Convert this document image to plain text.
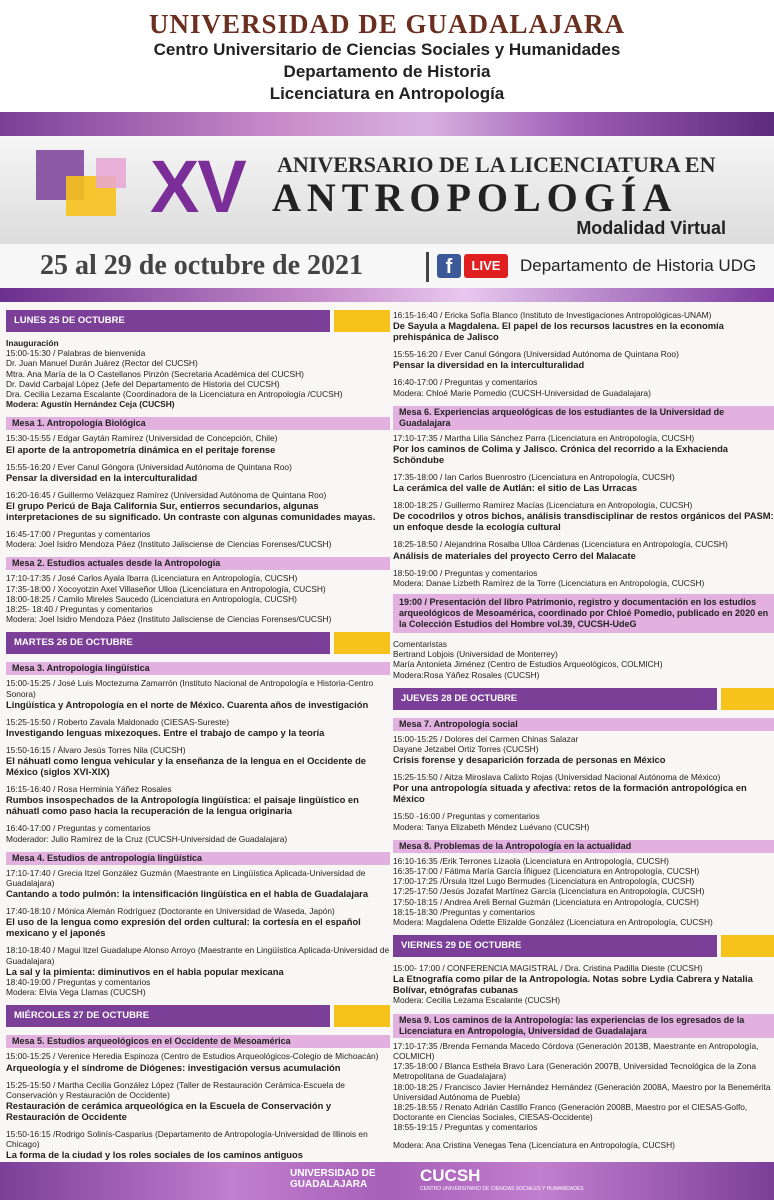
UNIVERSIDAD DE GUADALAJARA
Centro Universitario de Ciencias Sociales y Humanidades
Departamento de Historia
Licenciatura en Antropología
XV ANIVERSARIO DE LA LICENCIATURA EN
ANTROPOLOGÍA
Modalidad Virtual
25 al 29 de octubre de 2021	f	LIVE	Departamento de Historia UDG
LUNES 25 DE OCTUBRE
Inauguración
15:00-15:30 / Palabras de bienvenida
Dr. Juan Manuel Durán Juárez (Rector del CUCSH)
Mtra. Ana María de la O Castellanos Pinzón (Secretaria Académica del CUCSH)
Dr. David Carbajal López (Jefe del Departamento de Historia del CUCSH)
Dra. Cecilia Lezama Escalante (Coordinadora de la Licenciatura en Antropología /CUCSH)
Modera: Agustín Hernández Ceja (CUCSH)
Mesa 1. Antropología Biológica
15:30-15:55 / Edgar Gaytán Ramírez (Universidad de Concepción, Chile)
El aporte de la antropometría dinámica en el peritaje forense
15:55-16:20 / Ever Canul Góngora (Universidad Autónoma de Quintana Roo)
Pensar la diversidad en la interculturalidad
16:20-16:45 / Guillermo Velázquez Ramírez (Universidad Autónoma de Quintana Roo)
El grupo Pericú de Baja California Sur, entierros secundarios, algunas interpretaciones de su significado. Un contraste con algunas comunidades mayas.
16:45-17:00 / Preguntas y comentarios
Modera: Joel Isidro Mendoza Páez (Instituto Jalisciense de Ciencias Forenses/CUCSH)
Mesa 2. Estudios actuales desde la Antropología
17:10-17:35 / José Carlos Ayala Ibarra (Licenciatura en Antropología, CUCSH)
17:35-18:00 / Xocoyotzin Axel Villaseñor Ulloa (Licenciatura en Antropología, CUCSH)
18:00-18:25 / Camilo Mireles Saucedo (Licenciatura en Antropología, CUCSH)
18:25- 18:40 / Preguntas y comentarios
Modera: Joel Isidro Mendoza Páez (Instituto Jalisciense de Ciencias Forenses/CUCSH)
MARTES 26 DE OCTUBRE
Mesa 3. Antropología lingüística
15:00-15:25 / José Luis Moctezuma Zamarrón (Instituto Nacional de Antropología e Historia-Centro Sonora)
Lingüística y Antropología en el norte de México. Cuarenta años de investigación
15:25-15:50 / Roberto Zavala Maldonado (CIESAS-Sureste)
Investigando lenguas mixezoques. Entre el trabajo de campo y la teoría
15:50-16:15 / Álvaro Jesús Torres Nila (CUCSH)
El náhuatl como lengua vehicular y la enseñanza de la lengua en el Occidente de México (siglos XVI-XIX)
16:15-16:40 / Rosa Herminia Yáñez Rosales
Rumbos insospechados de la Antropología lingüística: el paisaje lingüístico en náhuatl como paso hacia la recuperación de la lengua originaria
16:40-17:00 / Preguntas y comentarios
Moderador: Julio Ramírez de la Cruz (CUCSH-Universidad de Guadalajara)
Mesa 4. Estudios de antropología lingüística
17:10-17:40 / Grecia Itzel González Guzmán (Maestrante en Lingüística Aplicada-Universidad de Guadalajara)
Cantando a todo pulmón: la intensificación lingüística en el habla de Guadalajara
17:40-18:10 / Mónica Alemán Rodríguez (Doctorante en Universidad de Waseda, Japón)
El uso de la lengua como expresión del orden cultural: la cortesía en el español mexicano y el japonés
18:10-18:40 / Magui Itzel Guadalupe Alonso Arroyo (Maestrante en Lingüística Aplicada-Universidad de Guadalajara)
La sal y la pimienta: diminutivos en el habla popular mexicana
18:40-19:00 / Preguntas y comentarios
Modera: Elvia Vega Llamas (CUCSH)
MIÉRCOLES 27 DE OCTUBRE
Mesa 5. Estudios arqueológicos en el Occidente de Mesoamérica
15:00-15:25 / Verenice Heredia Espinoza (Centro de Estudios Arqueológicos-Colegio de Michoacán)
Arqueología y el síndrome de Diógenes: investigación versus acumulación
15:25-15:50 / Martha Cecilia González López (Taller de Restauración Cerámica-Escuela de Conservación y Restauración de Occidente)
Restauración de cerámica arqueológica en la Escuela de Conservación y Restauración de Occidente
15:50-16:15 /Rodrigo Solinís-Casparius (Departamento de Antropología-Universidad de Illinois en Chicago)
La forma de la ciudad y los roles sociales de los caminos antiguos
16:15-16:40 / Ericka Sofía Blanco (Instituto de Investigaciones Antropológicas-UNAM)
De Sayula a Magdalena. El papel de los recursos lacustres en la economía prehispánica de Jalisco
15:55-16:20 / Ever Canul Góngora (Universidad Autónoma de Quintana Roo)
Pensar la diversidad en la interculturalidad
16:40-17:00 / Preguntas y comentarios
Modera: Chloé Marie Pomedio (CUCSH-Universidad de Guadalajara)
Mesa 6. Experiencias arqueológicas de los estudiantes de la Universidad de Guadalajara
17:10-17:35 / Martha Lilia Sánchez Parra (Licenciatura en Antropología, CUCSH)
Por los caminos de Colima y Jalisco. Crónica del recorrido a la Exhacienda Schöndube
17:35-18:00 / Ian Carlos Buenrostro (Licenciatura en Antropología, CUCSH)
La cerámica del valle de Autlán: el sitio de Las Urracas
18:00-18:25 / Guillermo Ramírez Macías (Licenciatura en Antropología, CUCSH)
De cocodrilos y otros bichos, análisis transdisciplinar de restos orgánicos del PASM: un enfoque desde la ecología cultural
18:25-18:50 / Alejandrina Rosalba Ulloa Cárdenas (Licenciatura en Antropología, CUCSH)
Análisis de materiales del proyecto Cerro del Malacate
18:50-19:00 / Preguntas y comentarios
Modera: Danae Lizbeth Ramírez de la Torre (Licenciatura en Antropología, CUCSH)
19:00 / Presentación del libro Patrimonio, registro y documentación en los estudios arqueológicos de Mesoamérica, coordinado por Chloé Pomedio, publicado en 2020 en la Colección Estudios del Hombre vol.39, CUCSH-UdeG
Comentaristas
Bertrand Lobjois (Universidad de Monterrey)
María Antonieta Jiménez (Centro de Estudios Arqueológicos, COLMICH)
Modera:Rosa Yáñez Rosales (CUCSH)
JUEVES 28 DE OCTUBRE
Mesa 7. Antropología social
15:00-15:25 / Dolores del Carmen Chinas Salazar
Dayane Jetzabel Ortiz Torres (CUCSH)
Crisis forense y desaparición forzada de personas en México
15:25-15:50 / Aitza Miroslava Calixto Rojas (Universidad Nacional Autónoma de México)
Por una antropología situada y afectiva: retos de la formación antropológica en México
15:50 -16:00 / Preguntas y comentarios
Modera: Tanya Elizabeth Méndez Luévano (CUCSH)
Mesa 8. Problemas de la Antropología en la actualidad
16:10-16:35 /Erik Terrones Lizaola (Licenciatura en Antropología, CUCSH)
16:35-17:00 / Fátima María García Íñiguez (Licenciatura en Antropología, CUCSH)
17:00-17:25 /Úrsula Itzel Lugo Bermudes (Licenciatura en Antropología, CUCSH)
17:25-17:50 /Jesús Jozafat Martínez García (Licenciatura en Antropología, CUCSH)
17:50-18:15 / Andrea Areli Bernal Guzmán (Licenciatura en Antropología, CUCSH)
18:15-18:30 /Preguntas y comentarios
Modera: Magdalena Odette Elizalde González (Licenciatura en Antropología, CUCSH)
VIERNES 29 DE OCTUBRE
15:00- 17:00 / CONFERENCIA MAGISTRAL / Dra. Cristina Padilla Dieste (CUCSH)
La Etnografía como pilar de la Antropología. Notas sobre Lydia Cabrera y Natalia Bolívar, etnógrafas cubanas
Modera: Cecilia Lezama Escalante (CUCSH)
Mesa 9. Los caminos de la Antropología: las experiencias de los egresados de la Licenciatura en Antropología, Universidad de Guadalajara
17:10-17:35 /Brenda Fernanda Macedo Córdova (Generación 2013B, Maestrante en Antropología, COLMICH)
17:35-18:00 / Blanca Esthela Bravo Lara (Generación 2007B, Universidad Tecnológica de la Zona Metropolitana de Guadalajara)
18:00-18:25 / Francisco Javier Hernández Hernández (Generación 2008A, Maestro por la Benemérita Universidad Autónoma de Puebla)
18:25-18:55 / Renato Adrián Castillo Franco (Generación 2008B, Maestro por el CIESAS-Golfo, Doctorante en Ciencias Sociales, CIESAS-Occidente)
18:55-19:15 / Preguntas y comentarios
Modera: Ana Cristina Venegas Tena (Licenciatura en Antropología, CUCSH)
UNIVERSIDAD DE
GUADALAJARA	CUCSH
CENTRO UNIVERSITARIO DE CIENCIAS SOCIALES Y HUMANIDADES
